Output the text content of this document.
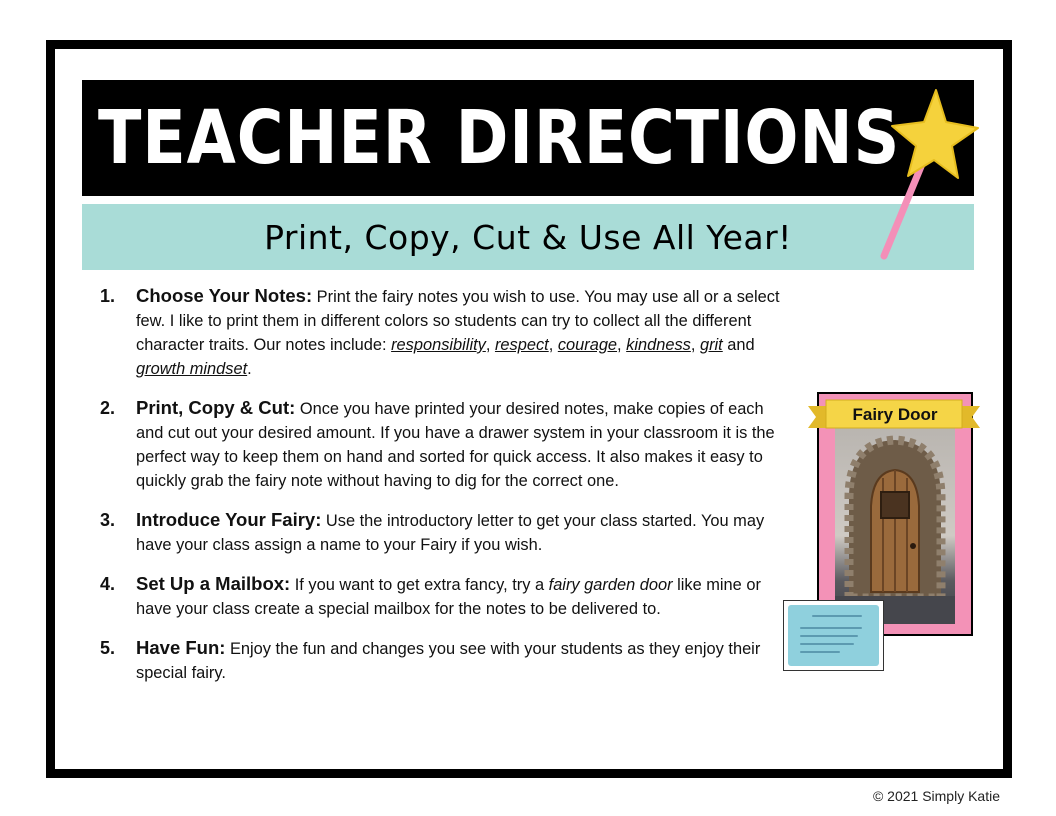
TEACHER DIRECTIONS
Print, Copy, Cut & Use All Year!
1. Choose Your Notes: Print the fairy notes you wish to use. You may use all or a select few. I like to print them in different colors so students can try to collect all the different character traits. Our notes include: responsibility, respect, courage, kindness, grit and growth mindset.
2. Print, Copy & Cut: Once you have printed your desired notes, make copies of each and cut out your desired amount. If you have a drawer system in your classroom it is the perfect way to keep them on hand and sorted for quick access. It also makes it easy to quickly grab the fairy note without having to dig for the correct one.
3. Introduce Your Fairy: Use the introductory letter to get your class started. You may have your class assign a name to your Fairy if you wish.
4. Set Up a Mailbox: If you want to get extra fancy, try a fairy garden door like mine or have your class create a special mailbox for the notes to be delivered to.
5. Have Fun: Enjoy the fun and changes you see with your students as they enjoy their special fairy.
Fairy Door
© 2021 Simply Katie
